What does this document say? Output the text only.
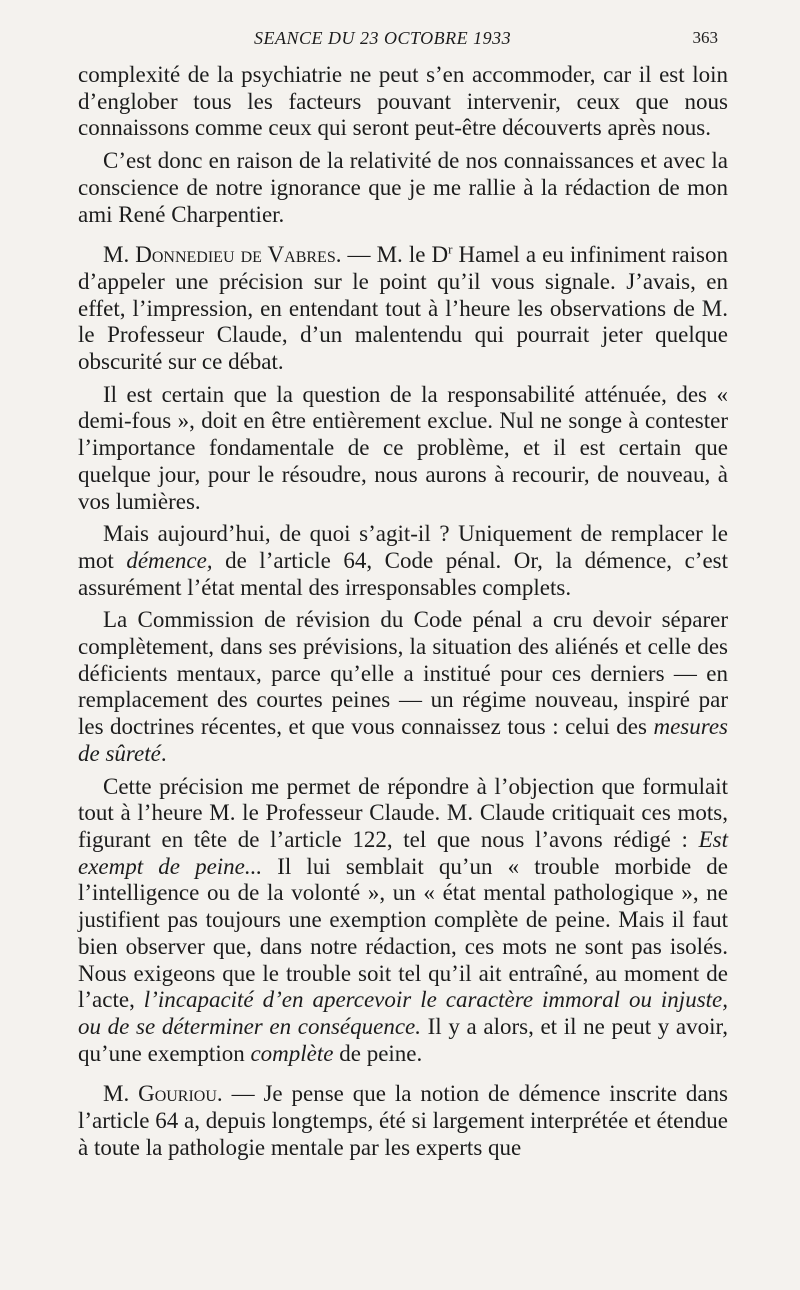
SEANCE DU 23 OCTOBRE 1933	363

complexité de la psychiatrie ne peut s’en accommoder, car il est loin d’englober tous les facteurs pouvant intervenir, ceux que nous connaissons comme ceux qui seront peut-être découverts après nous.

C’est donc en raison de la relativité de nos connaissances et avec la conscience de notre ignorance que je me rallie à la rédaction de mon ami René Charpentier.

M. Donnedieu de Vabres. — M. le $D^r$ Hamel a eu infiniment raison d’appeler une précision sur le point qu’il vous signale. J’avais, en effet, l’impression, en entendant tout à l’heure les observations de M. le Professeur Claude, d’un malentendu qui pourrait jeter quelque obscurité sur ce débat.

Il est certain que la question de la responsabilité atténuée, des « demi-fous », doit en être entièrement exclue. Nul ne songe à contester l’importance fondamentale de ce problème, et il est certain que quelque jour, pour le résoudre, nous aurons à recourir, de nouveau, à vos lumières.

Mais aujourd’hui, de quoi s’agit-il ? Uniquement de remplacer le mot démence, de l’article 64, Code pénal. Or, la démence, c’est assurément l’état mental des irresponsables complets.

La Commission de révision du Code pénal a cru devoir séparer complètement, dans ses prévisions, la situation des aliénés et celle des déficients mentaux, parce qu’elle a institué pour ces derniers — en remplacement des courtes peines — un régime nouveau, inspiré par les doctrines récentes, et que vous connaissez tous : celui des mesures de sûreté.

Cette précision me permet de répondre à l’objection que formulait tout à l’heure M. le Professeur Claude. M. Claude critiquait ces mots, figurant en tête de l’article 122, tel que nous l’avons rédigé : Est exempt de peine... Il lui semblait qu’un « trouble morbide de l’intelligence ou de la volonté », un « état mental pathologique », ne justifient pas toujours une exemption complète de peine. Mais il faut bien observer que, dans notre rédaction, ces mots ne sont pas isolés. Nous exigeons que le trouble soit tel qu’il ait entraîné, au moment de l’acte, l’incapacité d’en apercevoir le caractère immoral ou injuste, ou de se déterminer en conséquence. Il y a alors, et il ne peut y avoir, qu’une exemption complète de peine.

M. Gouriou. — Je pense que la notion de démence inscrite dans l’article 64 a, depuis longtemps, été si largement interprétée et étendue à toute la pathologie mentale par les experts que
